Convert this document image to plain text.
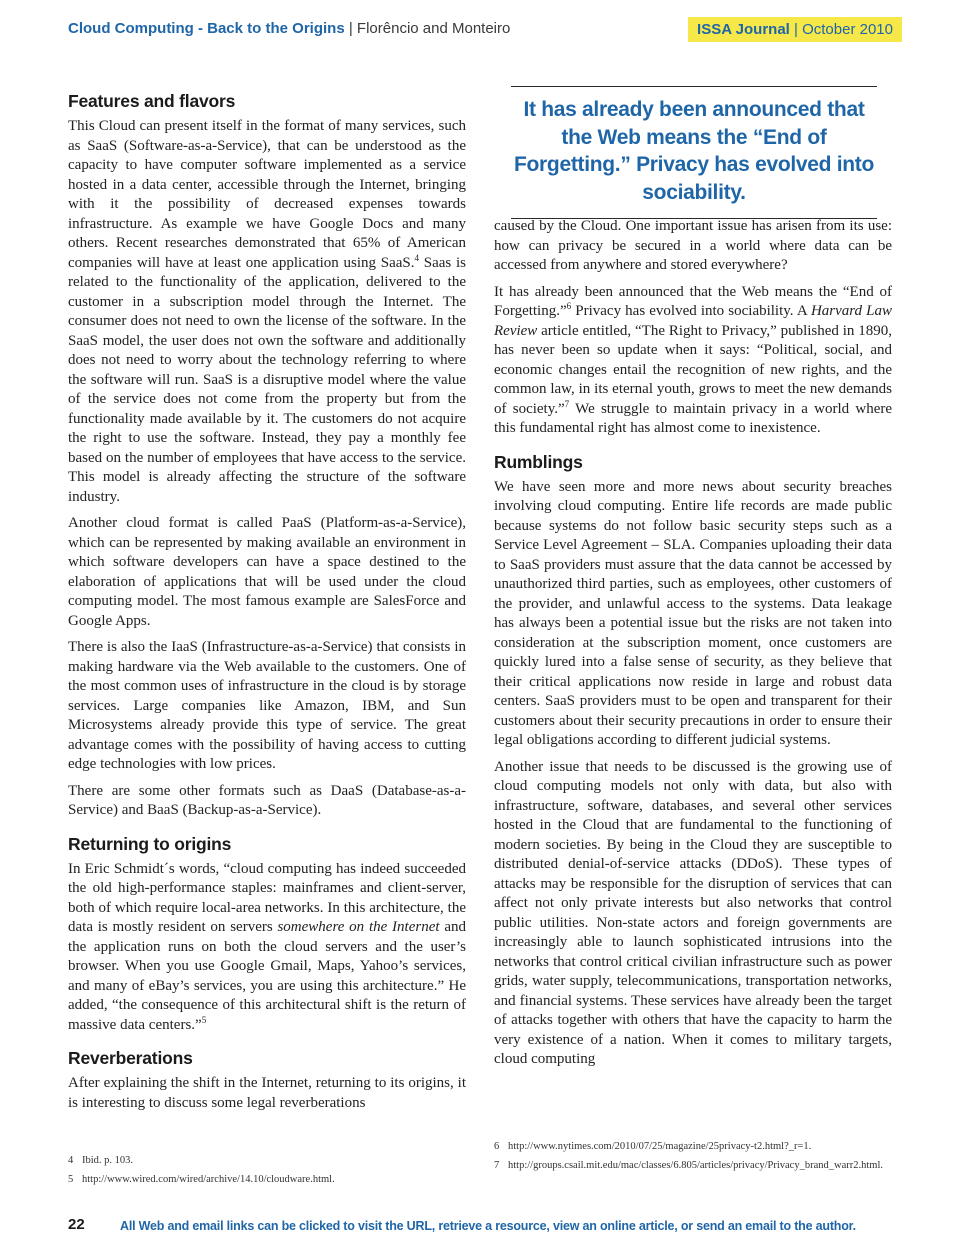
Cloud Computing - Back to the Origins | Florêncio and Monteiro	ISSA Journal | October 2010
Features and flavors

This Cloud can present itself in the format of many services, such as SaaS (Software-as-a-Service), that can be understood as the capacity to have computer software implemented as a service hosted in a data center, accessible through the Internet, bringing with it the possibility of decreased expenses towards infrastructure. As example we have Google Docs and many others. Recent researches demonstrated that 65% of American companies will have at least one application using SaaS.$^4$ Saas is related to the functionality of the application, delivered to the customer in a subscription model through the Internet. The consumer does not need to own the license of the software. In the SaaS model, the user does not own the software and additionally does not need to worry about the technology referring to where the software will run. SaaS is a disruptive model where the value of the service does not come from the property but from the functionality made available by it. The customers do not acquire the right to use the software. Instead, they pay a monthly fee based on the number of employees that have access to the service. This model is already affecting the structure of the software industry.

Another cloud format is called PaaS (Platform-as-a-Service), which can be represented by making available an environment in which software developers can have a space destined to the elaboration of applications that will be used under the cloud computing model. The most famous example are SalesForce and Google Apps.

There is also the IaaS (Infrastructure-as-a-Service) that consists in making hardware via the Web available to the customers. One of the most common uses of infrastructure in the cloud is by storage services. Large companies like Amazon, IBM, and Sun Microsystems already provide this type of service. The great advantage comes with the possibility of having access to cutting edge technologies with low prices.

There are some other formats such as DaaS (Database-as-a-Service) and BaaS (Backup-as-a-Service).

Returning to origins

In Eric Schmidt´s words, “cloud computing has indeed succeeded the old high-performance staples: mainframes and client-server, both of which require local-area networks. In this architecture, the data is mostly resident on servers somewhere on the Internet and the application runs on both the cloud servers and the user’s browser. When you use Google Gmail, Maps, Yahoo’s services, and many of eBay’s services, you are using this architecture.” He added, “the consequence of this architectural shift is the return of massive data centers.”$^5$

Reverberations

After explaining the shift in the Internet, returning to its origins, it is interesting to discuss some legal reverberations

It has already been announced that the Web means the “End of Forgetting.” Privacy has evolved into sociability.

caused by the Cloud. One important issue has arisen from its use: how can privacy be secured in a world where data can be accessed from anywhere and stored everywhere?

It has already been announced that the Web means the “End of Forgetting.”$^6$ Privacy has evolved into sociability. A Harvard Law Review article entitled, “The Right to Privacy,” published in 1890, has never been so update when it says: “Political, social, and economic changes entail the recognition of new rights, and the common law, in its eternal youth, grows to meet the new demands of society.”$^7$ We struggle to maintain privacy in a world where this fundamental right has almost come to inexistence.

Rumblings

We have seen more and more news about security breaches involving cloud computing. Entire life records are made public because systems do not follow basic security steps such as a Service Level Agreement – SLA. Companies uploading their data to SaaS providers must assure that the data cannot be accessed by unauthorized third parties, such as employees, other customers of the provider, and unlawful access to the systems. Data leakage has always been a potential issue but the risks are not taken into consideration at the subscription moment, once customers are quickly lured into a false sense of security, as they believe that their critical applications now reside in large and robust data centers. SaaS providers must to be open and transparent for their customers about their security precautions in order to ensure their legal obligations according to different judicial systems.

Another issue that needs to be discussed is the growing use of cloud computing models not only with data, but also with infrastructure, software, databases, and several other services hosted in the Cloud that are fundamental to the functioning of modern societies. By being in the Cloud they are susceptible to distributed denial-of-service attacks (DDoS). These types of attacks may be responsible for the disruption of services that can affect not only private interests but also networks that control public utilities. Non-state actors and foreign governments are increasingly able to launch sophisticated intrusions into the networks that control critical civilian infrastructure such as power grids, water supply, telecommunications, transportation networks, and financial systems. These services have already been the target of attacks together with others that have the capacity to harm the very existence of a nation. When it comes to military targets, cloud computing

4 Ibid. p. 103.
5 http://www.wired.com/wired/archive/14.10/cloudware.html.
6 http://www.nytimes.com/2010/07/25/magazine/25privacy-t2.html?_r=1.
7 http://groups.csail.mit.edu/mac/classes/6.805/articles/privacy/Privacy_brand_warr2.html.
22	All Web and email links can be clicked to visit the URL, retrieve a resource, view an online article, or send an email to the author.
